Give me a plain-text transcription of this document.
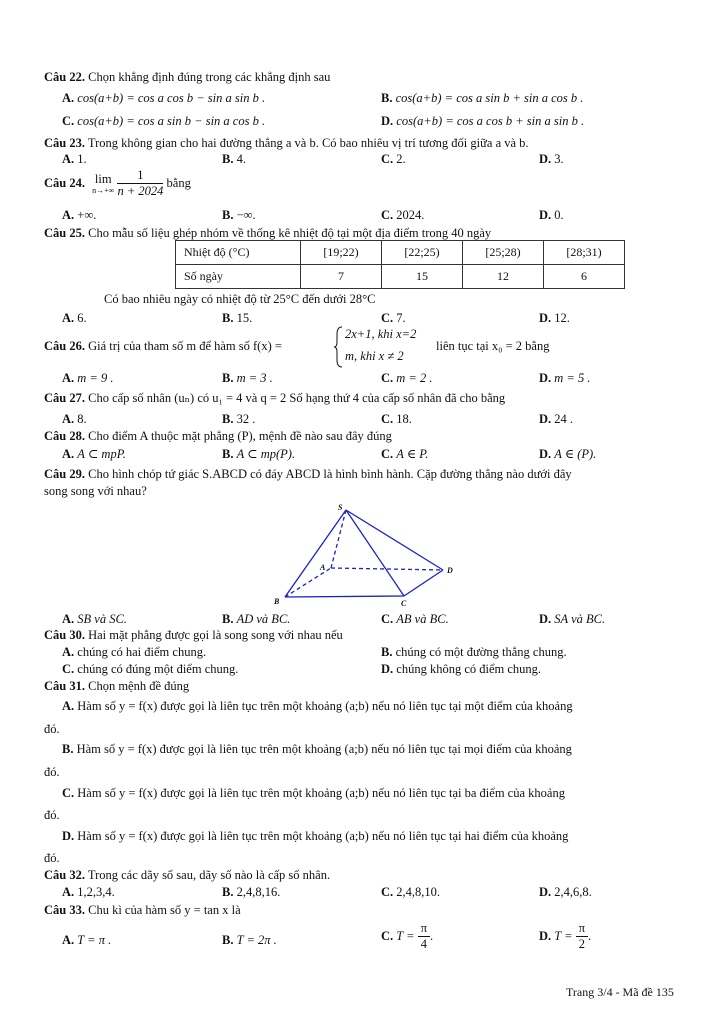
Câu 22. Chọn khẳng định đúng trong các khẳng định sau
A. cos(a+b) = cos a cos b − sin a sin b .	B. cos(a+b) = cos a sin b + sin a cos b .
C. cos(a+b) = cos a sin b − sin a cos b .	D. cos(a+b) = cos a cos b + sin a sin b .
Câu 23. Trong không gian cho hai đường thẳng a và b. Có bao nhiêu vị trí tương đối giữa a và b.
A. 1.	B. 4.	C. 2.	D. 3.
Câu 24. lim
n→+∞
$\frac{1}{n + 2024}$ bằng
A. +∞.	B. −∞.	C. 2024.	D. 0.
Câu 25. Cho mẫu số liệu ghép nhóm về thống kê nhiệt độ tại một địa điểm trong 40 ngày
Nhiệt độ (°C)	[19;22)	[22;25)	[25;28)	[28;31)
Số ngày	7	15	12	6
Có bao nhiêu ngày có nhiệt độ từ 25°C đến dưới 28°C
A. 6.	B. 15.	C. 7.	D. 12.
Câu 26. Giá trị của tham số m để hàm số f(x) =
2x+1, khi x=2
m, khi x ≠ 2
liên tục tại x₀ = 2 bằng
A. m = 9 .	B. m = 3 .	C. m = 2 .	D. m = 5 .
Câu 27. Cho cấp số nhân (uₙ) có u₁ = 4 và q = 2 Số hạng thứ 4 của cấp số nhân đã cho bằng
A. 8.	B. 32 .	C. 18.	D. 24 .
Câu 28. Cho điểm A thuộc mặt phẳng (P), mệnh đề nào sau đây đúng
A. A ⊂ mpP.	B. A ⊂ mp(P).	C. A ∈ P.	D. A ∈ (P).
Câu 29. Cho hình chóp tứ giác S.ABCD có đáy ABCD là hình bình hành. Cặp đường thẳng nào dưới đây
song song với nhau?
S
A
B	C
D
A. SB và SC.	B. AD và BC.	C. AB và BC.	D. SA và BC.
Câu 30. Hai mặt phẳng được gọi là song song với nhau nếu
A. chúng có hai điểm chung.	B. chúng có một đường thẳng chung.
C. chúng có đúng một điểm chung.	D. chúng không có điểm chung.
Câu 31. Chọn mệnh đề đúng
A. Hàm số y = f(x) được gọi là liên tục trên một khoảng (a;b) nếu nó liên tục tại một điểm của khoảng
đó.
B. Hàm số y = f(x) được gọi là liên tục trên một khoảng (a;b) nếu nó liên tục tại mọi điểm của khoảng
đó.
C. Hàm số y = f(x) được gọi là liên tục trên một khoảng (a;b) nếu nó liên tục tại ba điểm của khoảng
đó.
D. Hàm số y = f(x) được gọi là liên tục trên một khoảng (a;b) nếu nó liên tục tại hai điểm của khoảng
đó.
Câu 32. Trong các dãy số sau, dãy số nào là cấp số nhân.
A. 1,2,3,4.	B. 2,4,8,16.	C. 2,4,8,10.	D. 2,4,6,8.
Câu 33. Chu kì của hàm số y = tan x là
A. T = π .	B. T = 2π .	C. $T = \frac{\pi}{4}$ .	D. $T = \frac{\pi}{2}$ .
Trang 3/4 - Mã đề 135
